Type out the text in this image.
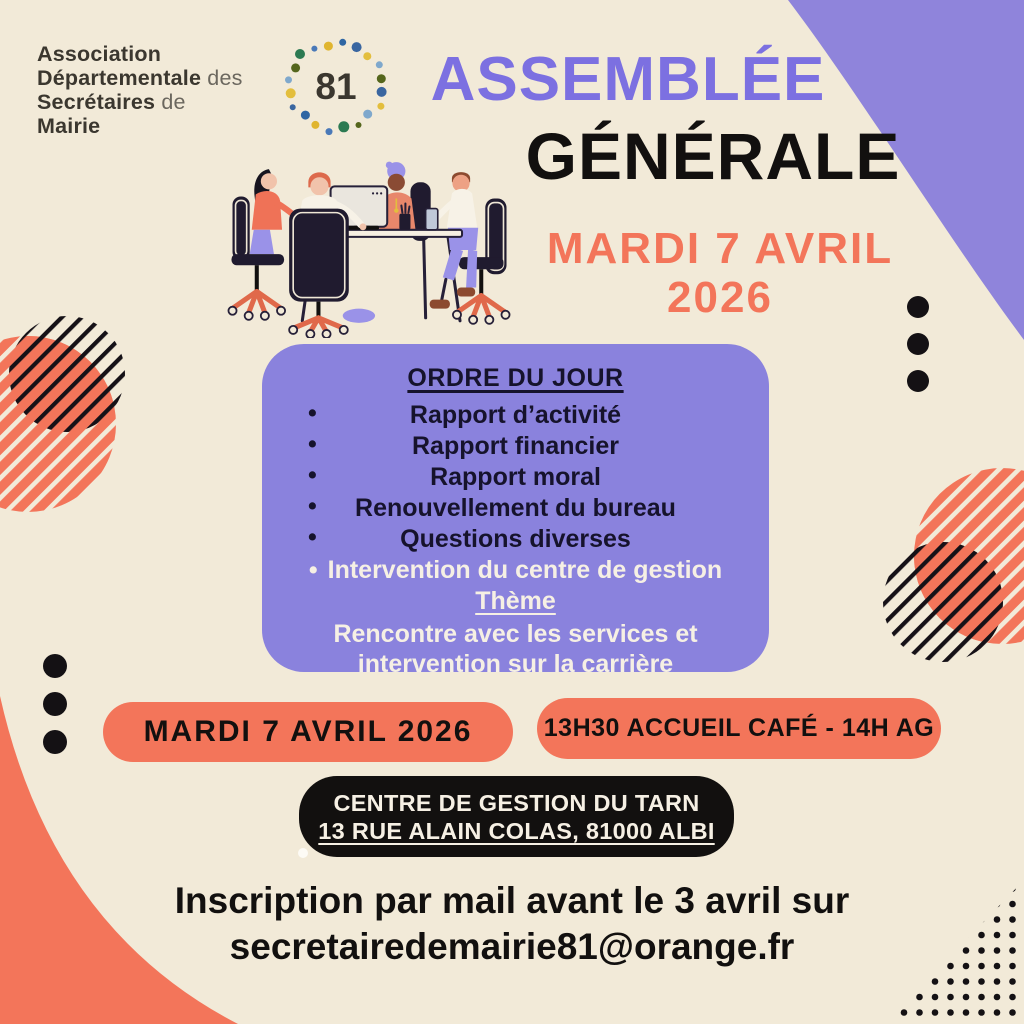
Association
Départementale des
Secrétaires de
Mairie
81	ASSEMBLÉE
GÉNÉRALE
MARDI 7 AVRIL
2026
ORDRE DU JOUR
•	Rapport d’activité
•	Rapport financier
•	Rapport moral
• Renouvellement du bureau
•	Questions diverses
• Intervention du centre de gestion
Thème
Rencontre avec les services et intervention sur la carrière
MARDI 7 AVRIL 2026	13H30 ACCUEIL CAFÉ - 14H AG
CENTRE DE GESTION DU TARN
13 RUE ALAIN COLAS, 81000 ALBI
Inscription par mail avant le 3 avril sur
secretairedemairie81@orange.fr
